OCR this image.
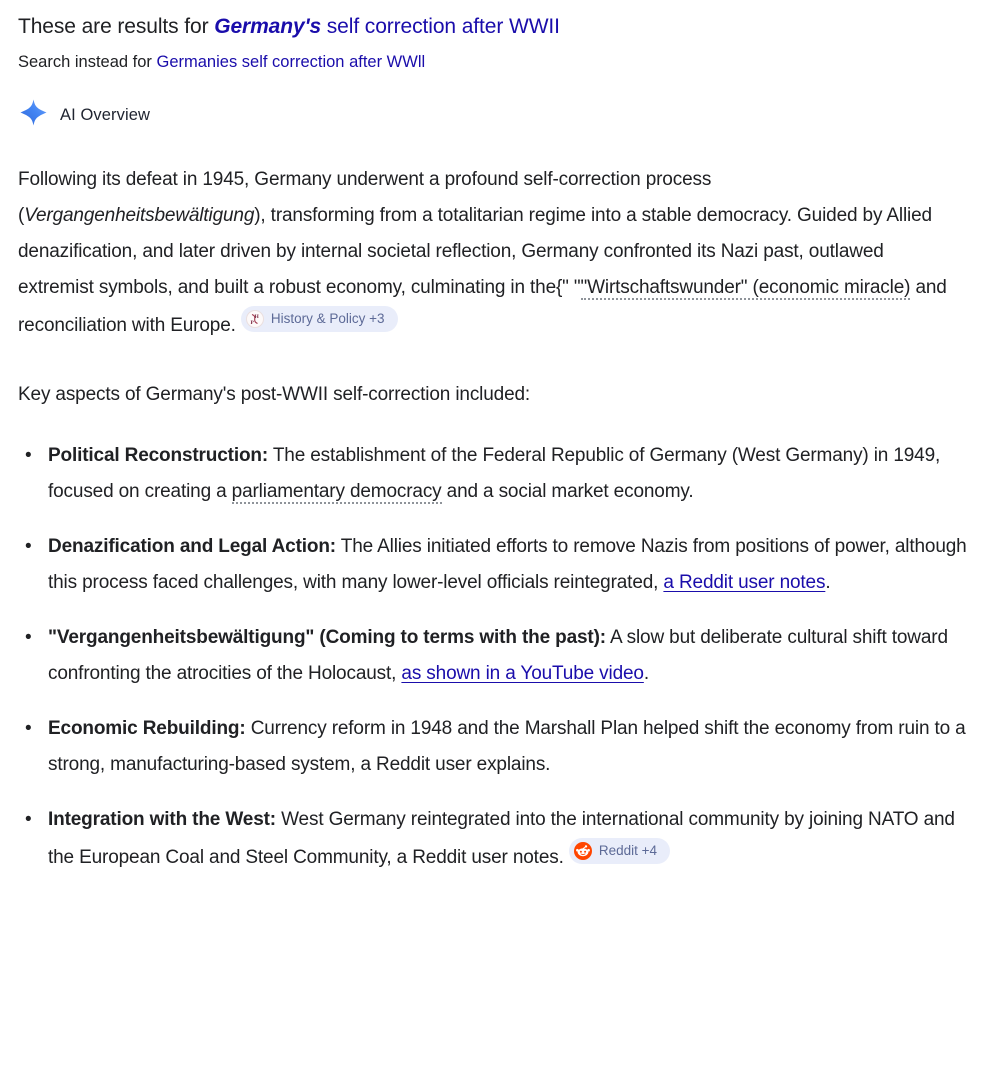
These are results for Germany's self correction after WWII
Search instead for Germanies self correction after WWll
AI Overview

Following its defeat in 1945, Germany underwent a profound self-correction process (Vergangenheitsbewältigung), transforming from a totalitarian regime into a stable democracy. Guided by Allied denazification, and later driven by internal societal reflection, Germany confronted its Nazi past, outlawed extremist symbols, and built a robust economy, culminating in the{" ""Wirtschaftswunder" (economic miracle) and reconciliation with Europe. H
P History & Policy +3

Key aspects of Germany's post-WWII self-correction included:

• Political Reconstruction: The establishment of the Federal Republic of Germany (West Germany) in 1949, focused on creating a parliamentary democracy and a social market economy.
• Denazification and Legal Action: The Allies initiated efforts to remove Nazis from positions of power, although this process faced challenges, with many lower-level officials reintegrated, a Reddit user notes.
• "Vergangenheitsbewältigung" (Coming to terms with the past): A slow but deliberate cultural shift toward confronting the atrocities of the Holocaust, as shown in a YouTube video.
• Economic Rebuilding: Currency reform in 1948 and the Marshall Plan helped shift the economy from ruin to a strong, manufacturing-based system, a Reddit user explains.
• Integration with the West: West Germany reintegrated into the international community by joining NATO and the European Coal and Steel Community, a Reddit user notes. Reddit +4
